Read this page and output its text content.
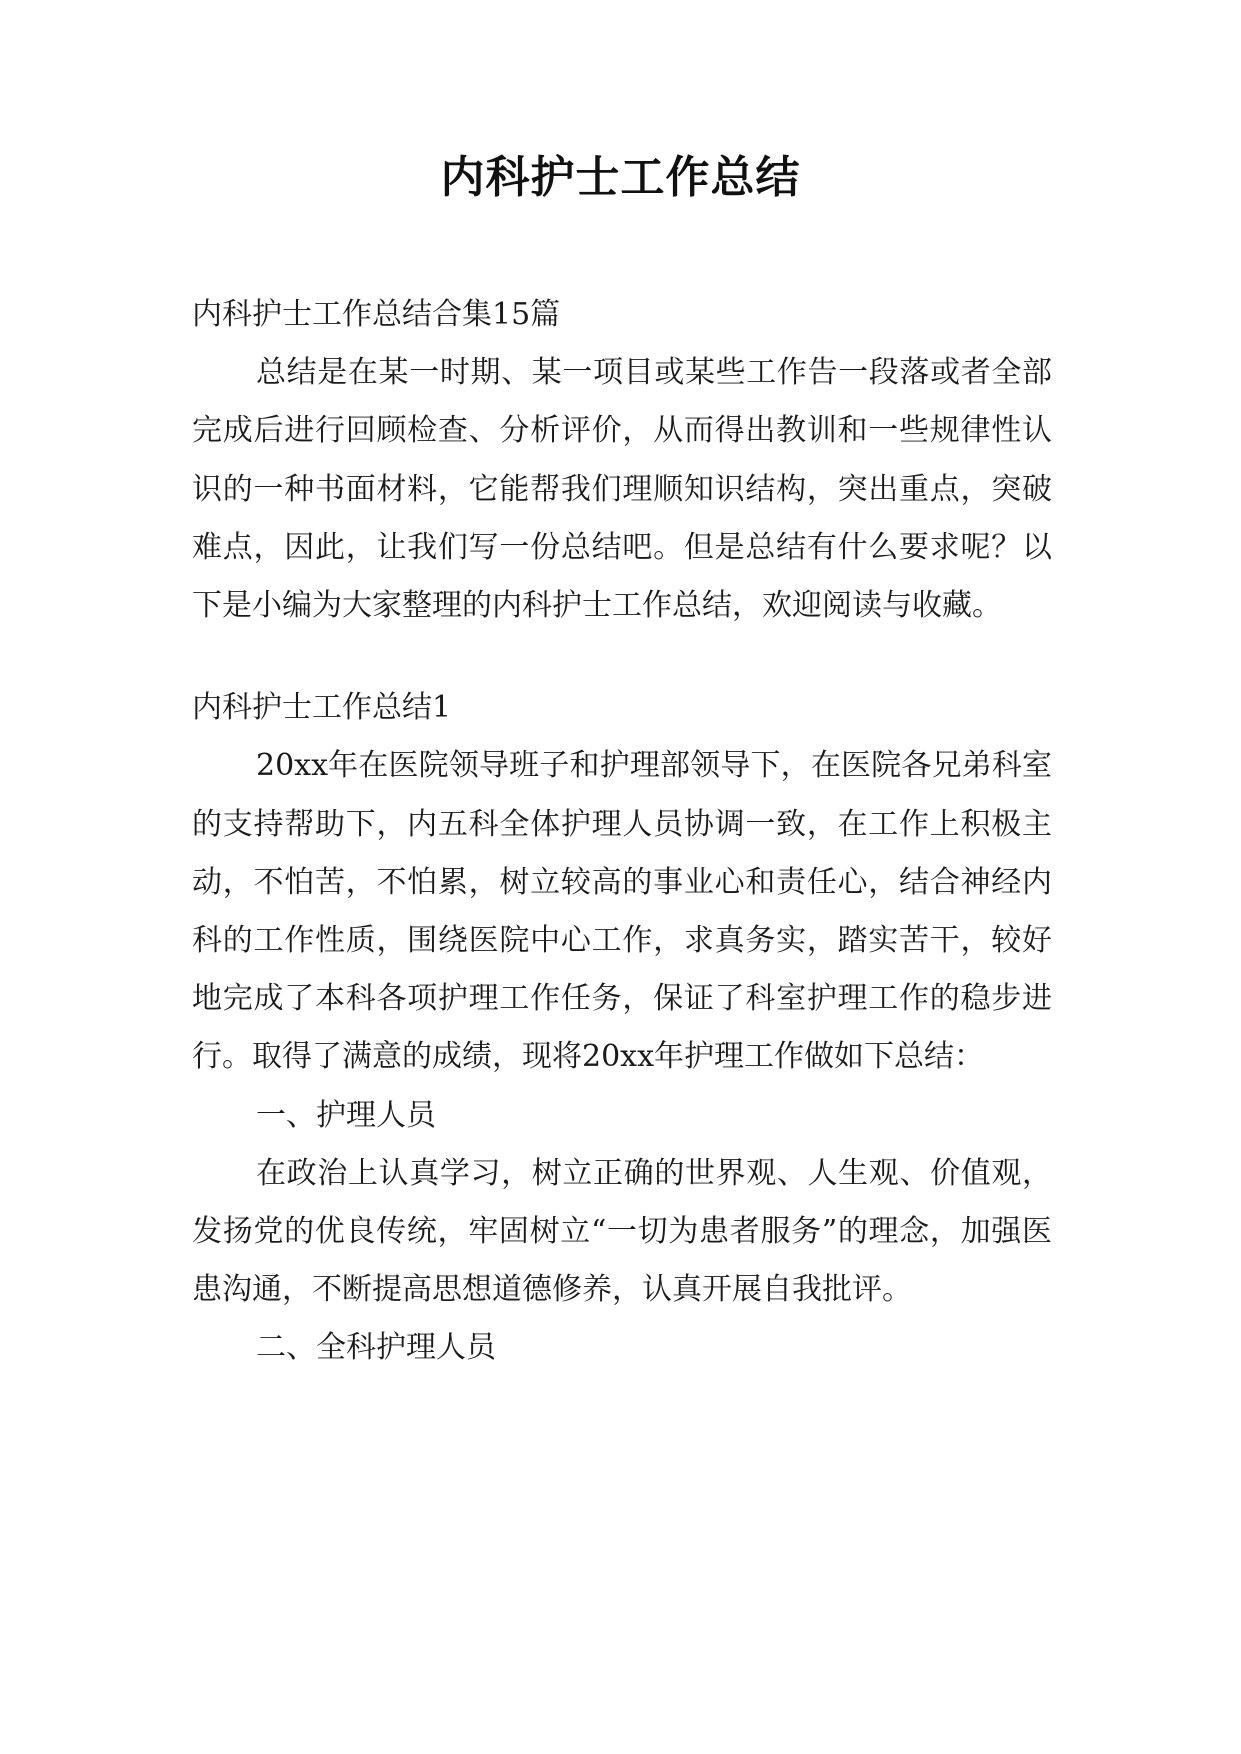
内科护士工作总结

内科护士工作总结合集15篇

总结是在某一时期、某一项目或某些工作告一段落或者全部完成后进行回顾检查、分析评价，从而得出教训和一些规律性认识的一种书面材料，它能帮我们理顺知识结构，突出重点，突破难点，因此，让我们写一份总结吧。但是总结有什么要求呢？以下是小编为大家整理的内科护士工作总结，欢迎阅读与收藏。

内科护士工作总结1

20xx年在医院领导班子和护理部领导下，在医院各兄弟科室的支持帮助下，内五科全体护理人员协调一致，在工作上积极主动，不怕苦，不怕累，树立较高的事业心和责任心，结合神经内科的工作性质，围绕医院中心工作，求真务实，踏实苦干，较好地完成了本科各项护理工作任务，保证了科室护理工作的稳步进行。取得了满意的成绩，现将20xx年护理工作做如下总结：

一、护理人员

在政治上认真学习，树立正确的世界观、人生观、价值观，发扬党的优良传统，牢固树立“一切为患者服务”的理念，加强医患沟通，不断提高思想道德修养，认真开展自我批评。

二、全科护理人员
